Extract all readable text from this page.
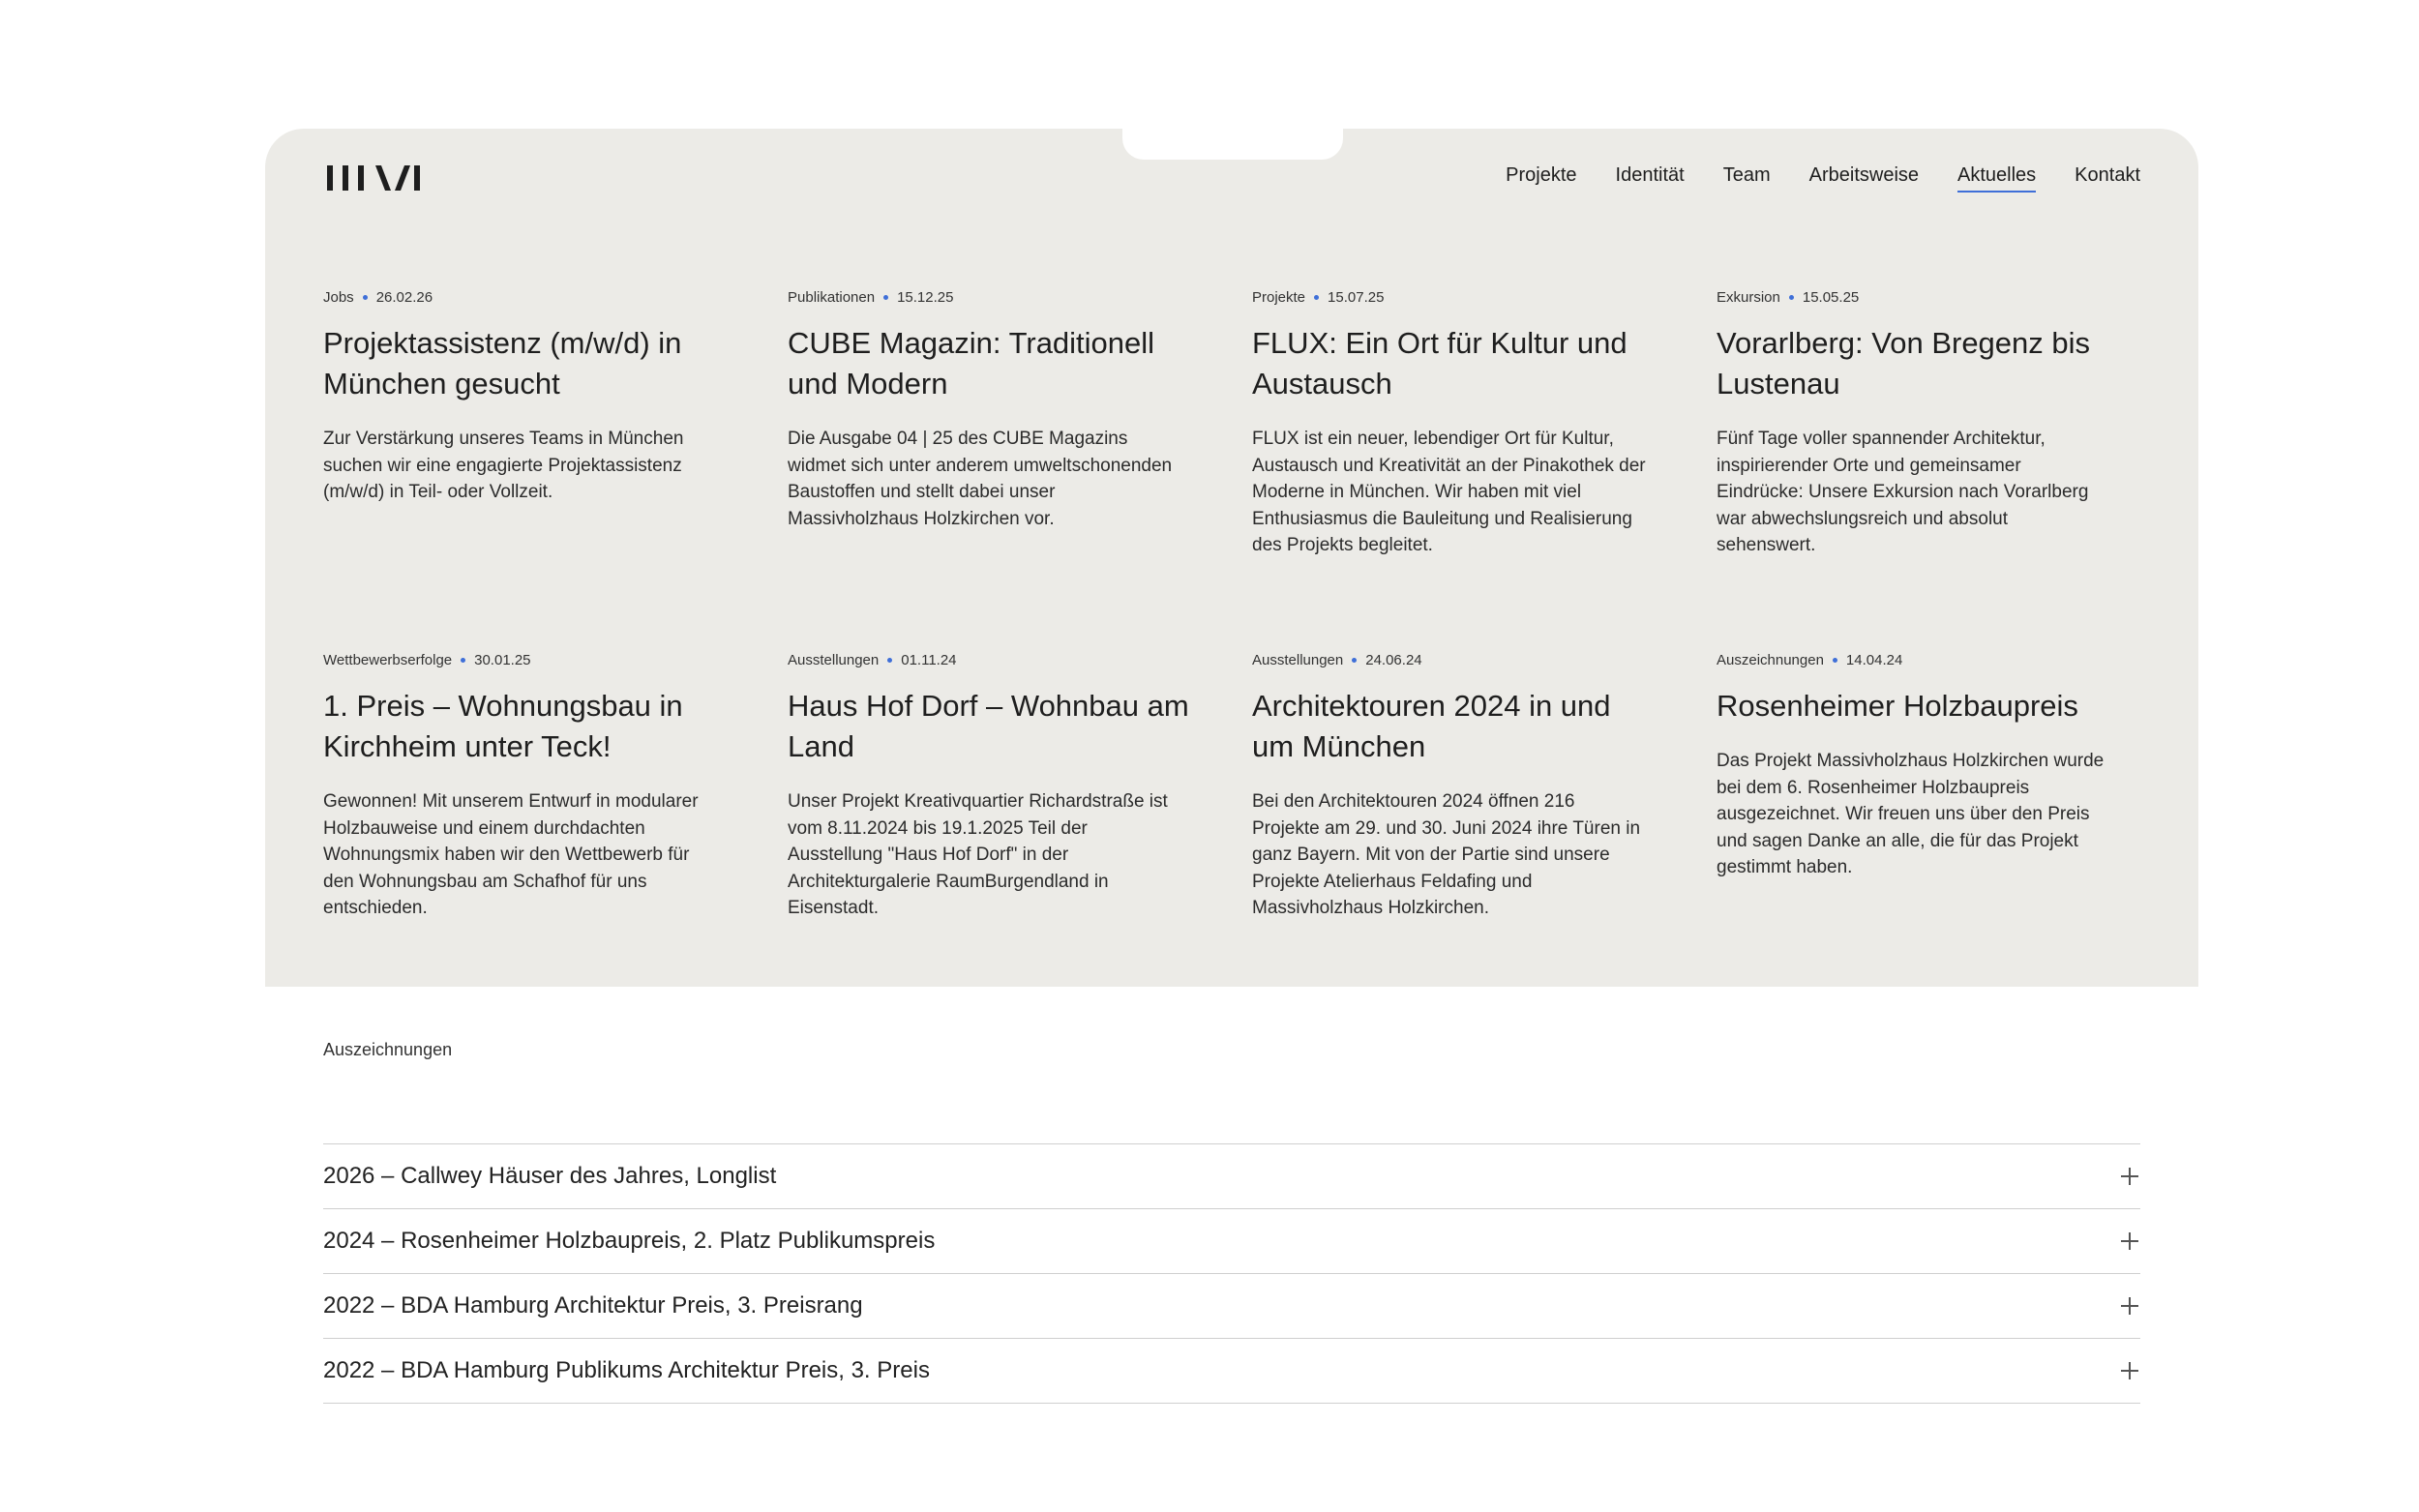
Projekte Identität Team Arbeitsweise Aktuelles Kontakt
Jobs 26.02.26
Projektassistenz (m/w/d) in München gesucht

Zur Verstärkung unseres Teams in München suchen wir eine engagierte Projektassistenz (m/w/d) in Teil- oder Vollzeit.

Publikationen 15.12.25
CUBE Magazin: Traditionell und Modern

Die Ausgabe 04 | 25 des CUBE Magazins widmet sich unter anderem umweltschonenden Baustoffen und stellt dabei unser Massivholzhaus Holzkirchen vor.

Projekte 15.07.25
FLUX: Ein Ort für Kultur und Austausch

FLUX ist ein neuer, lebendiger Ort für Kultur, Austausch und Kreativität an der Pinakothek der Moderne in München. Wir haben mit viel Enthusiasmus die Bauleitung und Realisierung des Projekts begleitet.

Exkursion 15.05.25
Vorarlberg: Von Bregenz bis Lustenau

Fünf Tage voller spannender Architektur, inspirierender Orte und gemeinsamer Eindrücke: Unsere Exkursion nach Vorarlberg war abwechslungsreich und absolut sehenswert.

Wettbewerbserfolge 30.01.25
1. Preis – Wohnungsbau in Kirchheim unter Teck!

Gewonnen! Mit unserem Entwurf in modularer Holzbauweise und einem durchdachten Wohnungsmix haben wir den Wettbewerb für den Wohnungsbau am Schafhof für uns entschieden.

Ausstellungen 01.11.24
Haus Hof Dorf – Wohnbau am Land

Unser Projekt Kreativquartier Richardstraße ist vom 8.11.2024 bis 19.1.2025 Teil der Ausstellung "Haus Hof Dorf" in der Architekturgalerie RaumBurgendland in Eisenstadt.

Ausstellungen 24.06.24
Architektouren 2024 in und um München

Bei den Architektouren 2024 öffnen 216 Projekte am 29. und 30. Juni 2024 ihre Türen in ganz Bayern. Mit von der Partie sind unsere Projekte Atelierhaus Feldafing und Massivholzhaus Holzkirchen.

Auszeichnungen 14.04.24
Rosenheimer Holzbaupreis

Das Projekt Massivholzhaus Holzkirchen wurde bei dem 6. Rosenheimer Holzbaupreis ausgezeichnet. Wir freuen uns über den Preis und sagen Danke an alle, die für das Projekt gestimmt haben.

Auszeichnungen
2026 – Callwey Häuser des Jahres, Longlist
2024 – Rosenheimer Holzbaupreis, 2. Platz Publikumspreis
2022 – BDA Hamburg Architektur Preis, 3. Preisrang
2022 – BDA Hamburg Publikums Architektur Preis, 3. Preis
